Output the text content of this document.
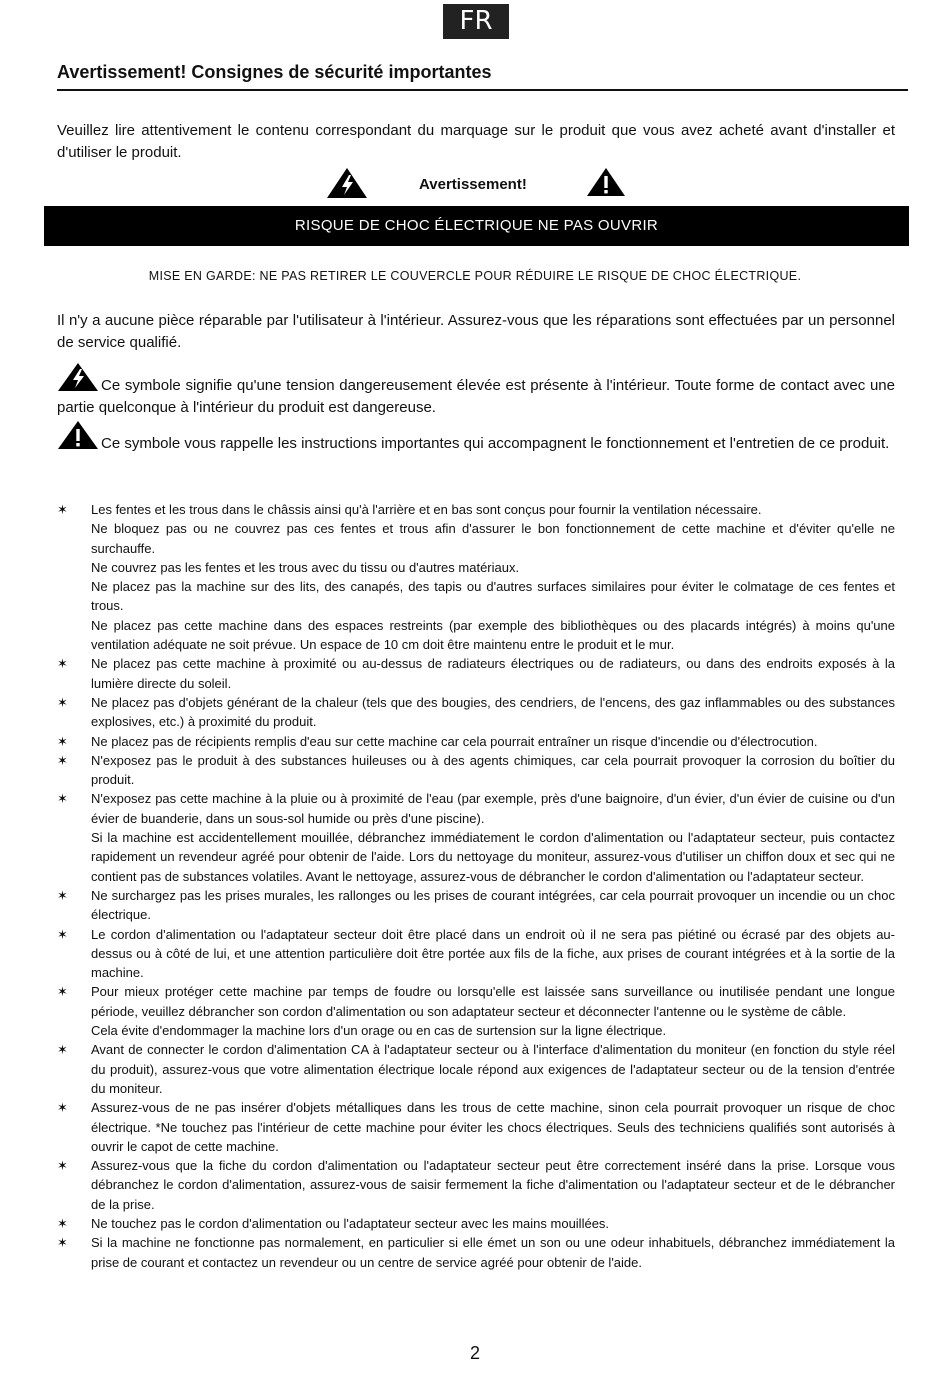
FR
Avertissement! Consignes de sécurité importantes
Veuillez lire attentivement le contenu correspondant du marquage sur le produit que vous avez acheté avant d'installer et d'utiliser le produit.
Avertissement!
RISQUE DE CHOC ÉLECTRIQUE NE PAS OUVRIR
MISE EN GARDE: NE PAS RETIRER LE COUVERCLE POUR RÉDUIRE LE RISQUE DE CHOC ÉLECTRIQUE.
Il n'y a aucune pièce réparable par l'utilisateur à l'intérieur. Assurez-vous que les réparations sont effectuées par un personnel de service qualifié.
Ce symbole signifie qu'une tension dangereusement élevée est présente à l'intérieur. Toute forme de contact avec une partie quelconque à l'intérieur du produit est dangereuse.
Ce symbole vous rappelle les instructions importantes qui accompagnent le fonctionnement et l'entretien de ce produit.
✶ Les fentes et les trous dans le châssis ainsi qu'à l'arrière et en bas sont conçus pour fournir la ventilation nécessaire.

Ne bloquez pas ou ne couvrez pas ces fentes et trous afin d'assurer le bon fonctionnement de cette machine et d'éviter qu'elle ne surchauffe.

Ne couvrez pas les fentes et les trous avec du tissu ou d'autres matériaux.

Ne placez pas la machine sur des lits, des canapés, des tapis ou d'autres surfaces similaires pour éviter le colmatage de ces fentes et trous.

Ne placez pas cette machine dans des espaces restreints (par exemple des bibliothèques ou des placards intégrés) à moins qu'une ventilation adéquate ne soit prévue. Un espace de 10 cm doit être maintenu entre le produit et le mur.

✶ Ne placez pas cette machine à proximité ou au-dessus de radiateurs électriques ou de radiateurs, ou dans des endroits exposés à la lumière directe du soleil.

✶ Ne placez pas d'objets générant de la chaleur (tels que des bougies, des cendriers, de l'encens, des gaz inflammables ou des substances explosives, etc.) à proximité du produit.

✶ Ne placez pas de récipients remplis d'eau sur cette machine car cela pourrait entraîner un risque d'incendie ou d'électrocution.

✶ N'exposez pas le produit à des substances huileuses ou à des agents chimiques, car cela pourrait provoquer la corrosion du boîtier du produit.

✶ N'exposez pas cette machine à la pluie ou à proximité de l'eau (par exemple, près d'une baignoire, d'un évier, d'un évier de cuisine ou d'un évier de buanderie, dans un sous-sol humide ou près d'une piscine).

Si la machine est accidentellement mouillée, débranchez immédiatement le cordon d'alimentation ou l'adaptateur secteur, puis contactez rapidement un revendeur agréé pour obtenir de l'aide. Lors du nettoyage du moniteur, assurez-vous d'utiliser un chiffon doux et sec qui ne contient pas de substances volatiles. Avant le nettoyage, assurez-vous de débrancher le cordon d'alimentation ou l'adaptateur secteur.

✶ Ne surchargez pas les prises murales, les rallonges ou les prises de courant intégrées, car cela pourrait provoquer un incendie ou un choc électrique.

✶ Le cordon d'alimentation ou l'adaptateur secteur doit être placé dans un endroit où il ne sera pas piétiné ou écrasé par des objets au-dessus ou à côté de lui, et une attention particulière doit être portée aux fils de la fiche, aux prises de courant intégrées et à la sortie de la machine.

✶ Pour mieux protéger cette machine par temps de foudre ou lorsqu'elle est laissée sans surveillance ou inutilisée pendant une longue période, veuillez débrancher son cordon d'alimentation ou son adaptateur secteur et déconnecter l'antenne ou le système de câble.

Cela évite d'endommager la machine lors d'un orage ou en cas de surtension sur la ligne électrique.

✶ Avant de connecter le cordon d'alimentation CA à l'adaptateur secteur ou à l'interface d'alimentation du moniteur (en fonction du style réel du produit), assurez-vous que votre alimentation électrique locale répond aux exigences de l'adaptateur secteur ou de la tension d'entrée du moniteur.

✶ Assurez-vous de ne pas insérer d'objets métalliques dans les trous de cette machine, sinon cela pourrait provoquer un risque de choc électrique. *Ne touchez pas l'intérieur de cette machine pour éviter les chocs électriques. Seuls des techniciens qualifiés sont autorisés à ouvrir le capot de cette machine.

✶ Assurez-vous que la fiche du cordon d'alimentation ou l'adaptateur secteur peut être correctement inséré dans la prise. Lorsque vous débranchez le cordon d'alimentation, assurez-vous de saisir fermement la fiche d'alimentation ou l'adaptateur secteur et de le débrancher de la prise.

✶ Ne touchez pas le cordon d'alimentation ou l'adaptateur secteur avec les mains mouillées.

✶ Si la machine ne fonctionne pas normalement, en particulier si elle émet un son ou une odeur inhabituels, débranchez immédiatement la prise de courant et contactez un revendeur ou un centre de service agréé pour obtenir de l'aide.

2
